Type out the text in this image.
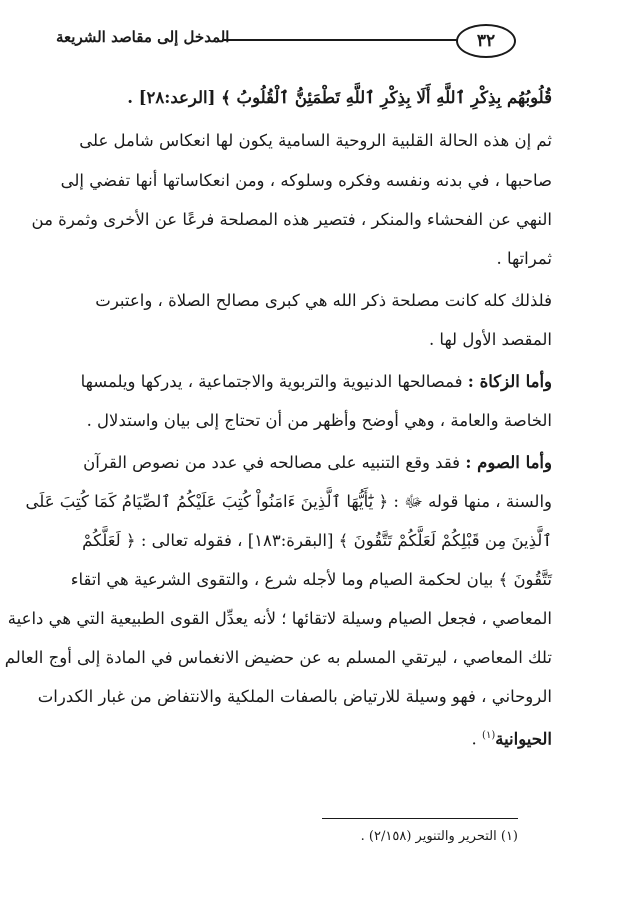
٣٢
المدخل إلى مقاصد الشريعة
قُلُوبُهُم بِذِكْرِ ٱللَّهِ أَلَا بِذِكْرِ ٱللَّهِ تَطْمَئِنُّ ٱلْقُلُوبُ ﴾ [الرعد:٢٨] .
ثم إن هذه الحالة القلبية الروحية السامية يكون لها انعكاس شامل على
صاحبها ، في بدنه ونفسه وفكره وسلوكه ، ومن انعكاساتها أنها تفضي إلى
النهي عن الفحشاء والمنكر ، فتصير هذه المصلحة فرعًا عن الأخرى وثمرة من
ثمراتها .
فلذلك كله كانت مصلحة ذكر الله هي كبرى مصالح الصلاة ، واعتبرت
المقصد الأول لها .
وأما الزكاة : فمصالحها الدنيوية والتربوية والاجتماعية ، يدركها ويلمسها
الخاصة والعامة ، وهي أوضح وأظهر من أن تحتاج إلى بيان واستدلال .
وأما الصوم : فقد وقع التنبيه على مصالحه في عدد من نصوص القرآن
والسنة ، منها قوله ﷻ : ﴿ يَٰٓأَيُّهَا ٱلَّذِينَ ءَامَنُواْ كُتِبَ عَلَيْكُمُ ٱلصِّيَامُ كَمَا كُتِبَ عَلَى
ٱلَّذِينَ مِن قَبْلِكُمْ لَعَلَّكُمْ تَتَّقُونَ ﴾ [البقرة:١٨٣] ، فقوله تعالى : ﴿ لَعَلَّكُمْ
تَتَّقُونَ ﴾ بيان لحكمة الصيام وما لأجله شرع ، والتقوى الشرعية هي اتقاء
المعاصي ، فجعل الصيام وسيلة لاتقائها ؛ لأنه يعدِّل القوى الطبيعية التي هي داعية
تلك المعاصي ، ليرتقي المسلم به عن حضيض الانغماس في المادة إلى أوج العالم
الروحاني ، فهو وسيلة للارتياض بالصفات الملكية والانتفاض من غبار الكدرات
الحيوانية$^{(١)}$ .
(١) التحرير والتنوير (٢/١٥٨) .
